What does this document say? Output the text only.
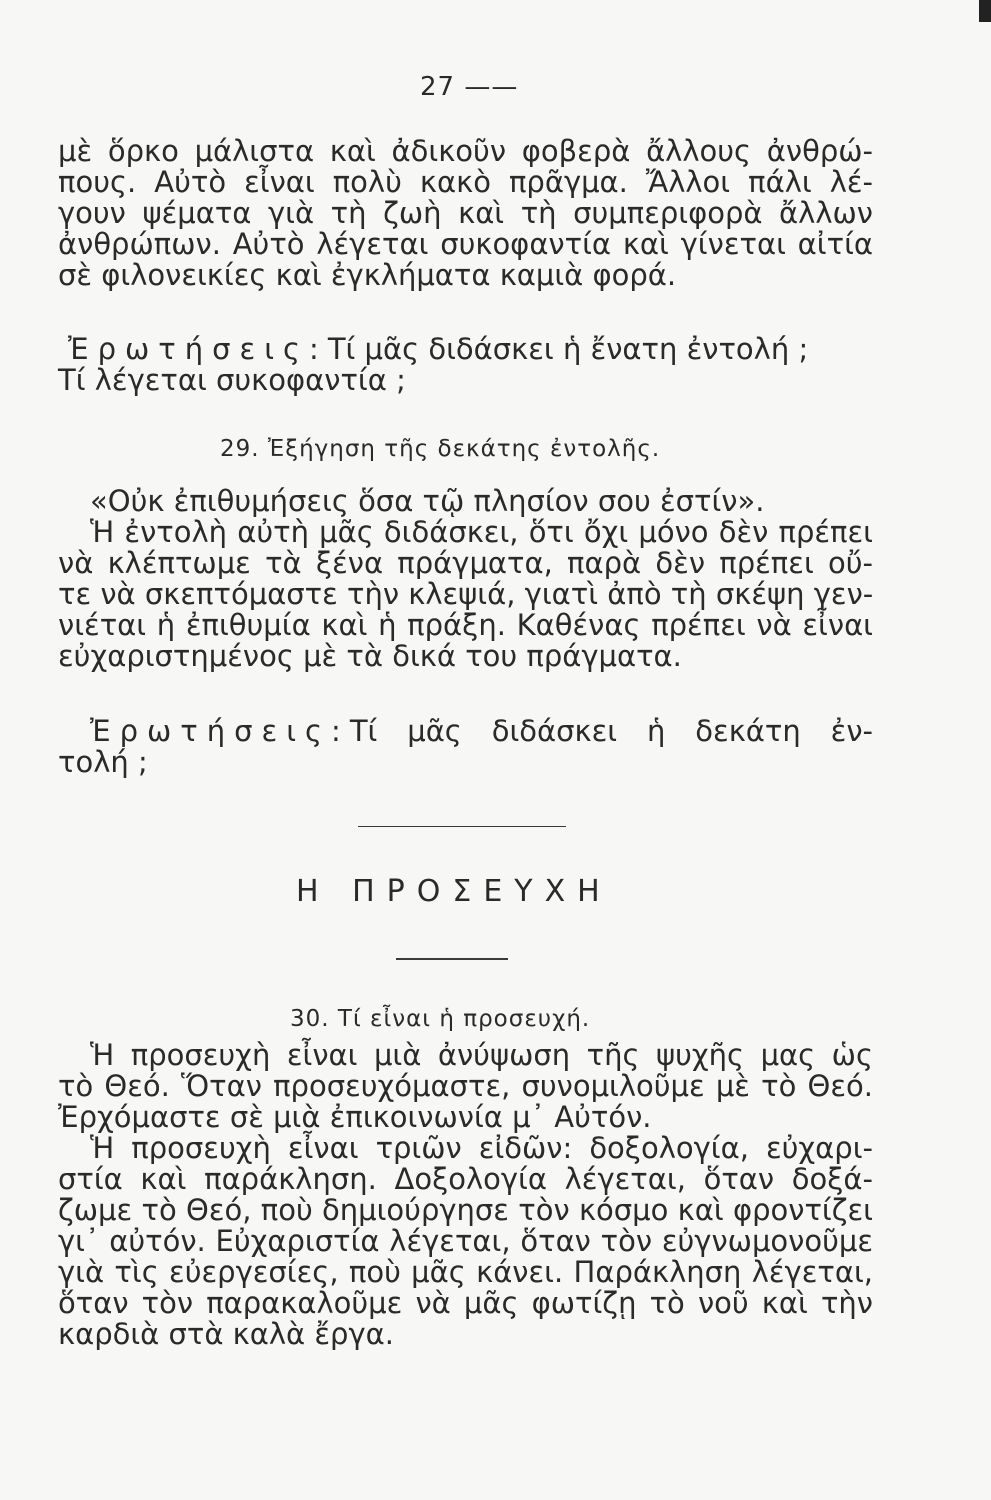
27 ——

μὲ ὅρκο μάλιστα καὶ ἀδικοῦν φοβερὰ ἄλλους ἀνθρώ-

πους. Αὐτὸ εἶναι πολὺ κακὸ πρᾶγμα. Ἄλλοι πάλι λέ-

γουν ψέματα γιὰ τὴ ζωὴ καὶ τὴ συμπεριφορὰ ἄλλων

ἀνθρώπων. Αὐτὸ λέγεται συκοφαντία καὶ γίνεται αἰτία

σὲ φιλονεικίες καὶ ἐγκλήματα καμιὰ φορά.

Ἐρωτήσεις:Τί μᾶς διδάσκει ἡ ἔνατη ἐντολή ;

Τί λέγεται συκοφαντία ;

29. Ἐξήγηση τῆς δεκάτης ἐντολῆς.

«Οὐκ ἐπιθυμήσεις ὅσα τῷ πλησίον σου ἐστίν».

Ἡ ἐντολὴ αὐτὴ μᾶς διδάσκει, ὅτι ὄχι μόνο δὲν πρέπει

νὰ κλέπτωμε τὰ ξένα πράγματα, παρὰ δὲν πρέπει οὔ-

τε νὰ σκεπτόμαστε τὴν κλεψιά, γιατὶ ἀπὸ τὴ σκέψη γεν-

νιέται ἡ ἐπιθυμία καὶ ἡ πράξη. Καθένας πρέπει νὰ εἶναι

εὐχαριστημένος μὲ τὰ δικά του πράγματα.

Ἐρωτήσεις:Τί μᾶς διδάσκει ἡ δεκάτη ἐν-

τολή ;

Η ΠΡΟΣΕΥΧΗ
30. Τί εἶναι ἡ προσευχή.

Ἡ προσευχὴ εἶναι μιὰ ἀνύψωση τῆς ψυχῆς μας ὡς

τὸ Θεό. Ὅταν προσευχόμαστε, συνομιλοῦμε μὲ τὸ Θεό.

Ἐρχόμαστε σὲ μιὰ ἐπικοινωνία μ᾿ Αὐτόν.

Ἡ προσευχὴ εἶναι τριῶν εἰδῶν: δοξολογία, εὐχαρι-

στία καὶ παράκληση. Δοξολογία λέγεται, ὅταν δοξά-

ζωμε τὸ Θεό, ποὺ δημιούργησε τὸν κόσμο καὶ φροντίζει

γι᾿ αὐτόν. Εὐχαριστία λέγεται, ὅταν τὸν εὐγνωμονοῦμε

γιὰ τὶς εὐεργεσίες, ποὺ μᾶς κάνει. Παράκληση λέγεται,

ὅταν τὸν παρακαλοῦμε νὰ μᾶς φωτίζῃ τὸ νοῦ καὶ τὴν

καρδιὰ στὰ καλὰ ἔργα.
